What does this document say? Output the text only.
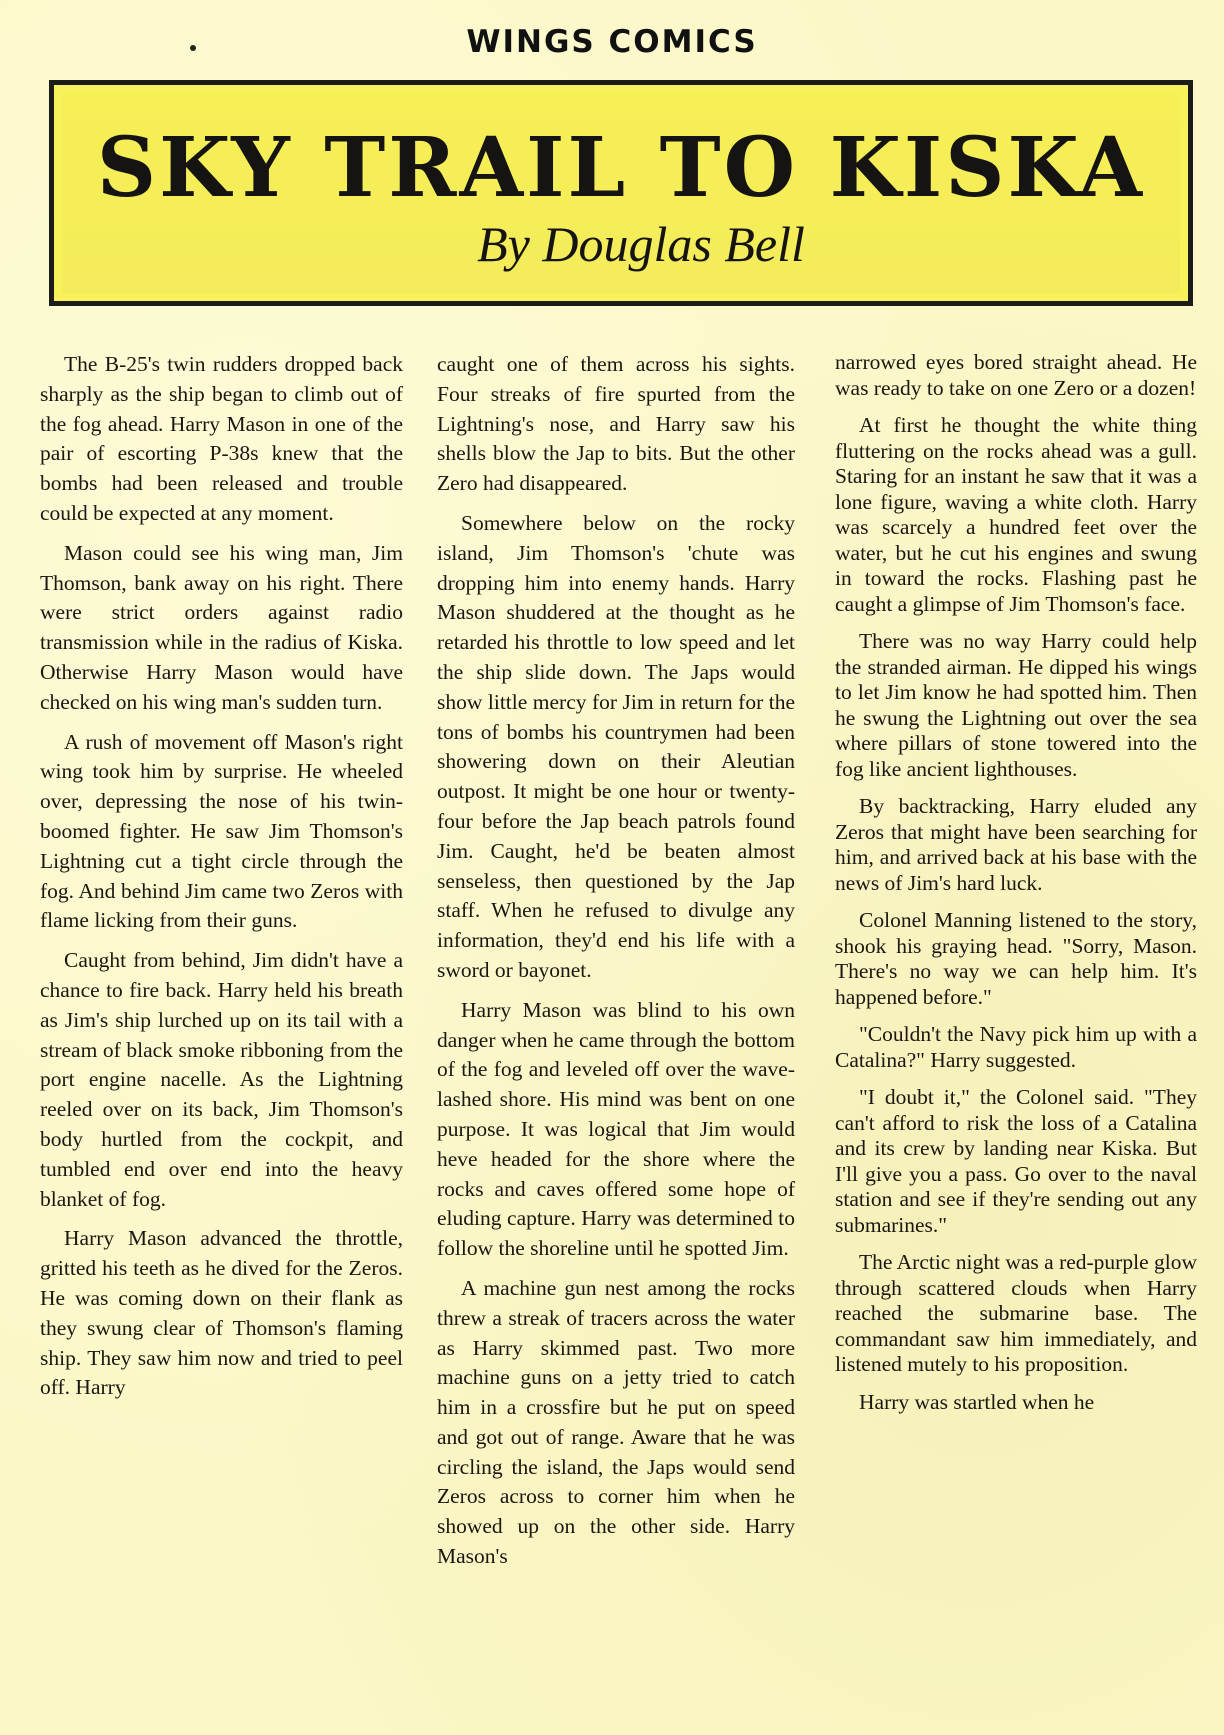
WINGS COMICS
SKY TRAIL TO KISKA
By Douglas Bell

The B-25's twin rudders dropped back sharply as the ship began to climb out of the fog ahead. Harry Mason in one of the pair of escorting P-38s knew that the bombs had been released and trouble could be expected at any moment.

Mason could see his wing man, Jim Thomson, bank away on his right. There were strict orders against radio transmission while in the radius of Kiska. Otherwise Harry Mason would have checked on his wing man's sudden turn.

A rush of movement off Mason's right wing took him by surprise. He wheeled over, depressing the nose of his twin-boomed fighter. He saw Jim Thomson's Lightning cut a tight circle through the fog. And behind Jim came two Zeros with flame licking from their guns.

Caught from behind, Jim didn't have a chance to fire back. Harry held his breath as Jim's ship lurched up on its tail with a stream of black smoke ribboning from the port engine nacelle. As the Lightning reeled over on its back, Jim Thomson's body hurtled from the cockpit, and tumbled end over end into the heavy blanket of fog.

Harry Mason advanced the throttle, gritted his teeth as he dived for the Zeros. He was coming down on their flank as they swung clear of Thomson's flaming ship. They saw him now and tried to peel off. Harry

caught one of them across his sights. Four streaks of fire spurted from the Lightning's nose, and Harry saw his shells blow the Jap to bits. But the other Zero had disappeared.

Somewhere below on the rocky island, Jim Thomson's 'chute was dropping him into enemy hands. Harry Mason shuddered at the thought as he retarded his throttle to low speed and let the ship slide down. The Japs would show little mercy for Jim in return for the tons of bombs his countrymen had been showering down on their Aleutian outpost. It might be one hour or twenty-four before the Jap beach patrols found Jim. Caught, he'd be beaten almost senseless, then questioned by the Jap staff. When he refused to divulge any information, they'd end his life with a sword or bayonet.

Harry Mason was blind to his own danger when he came through the bottom of the fog and leveled off over the wave-lashed shore. His mind was bent on one purpose. It was logical that Jim would heve headed for the shore where the rocks and caves offered some hope of eluding capture. Harry was determined to follow the shoreline until he spotted Jim.

A machine gun nest among the rocks threw a streak of tracers across the water as Harry skimmed past. Two more machine guns on a jetty tried to catch him in a crossfire but he put on speed and got out of range. Aware that he was circling the island, the Japs would send Zeros across to corner him when he showed up on the other side. Harry Mason's

narrowed eyes bored straight ahead. He was ready to take on one Zero or a dozen!

At first he thought the white thing fluttering on the rocks ahead was a gull. Staring for an instant he saw that it was a lone figure, waving a white cloth. Harry was scarcely a hundred feet over the water, but he cut his engines and swung in toward the rocks. Flashing past he caught a glimpse of Jim Thomson's face.

There was no way Harry could help the stranded airman. He dipped his wings to let Jim know he had spotted him. Then he swung the Lightning out over the sea where pillars of stone towered into the fog like ancient lighthouses.

By backtracking, Harry eluded any Zeros that might have been searching for him, and arrived back at his base with the news of Jim's hard luck.

Colonel Manning listened to the story, shook his graying head. "Sorry, Mason. There's no way we can help him. It's happened before."

"Couldn't the Navy pick him up with a Catalina?" Harry suggested.

"I doubt it," the Colonel said. "They can't afford to risk the loss of a Catalina and its crew by landing near Kiska. But I'll give you a pass. Go over to the naval station and see if they're sending out any submarines."

The Arctic night was a red-purple glow through scattered clouds when Harry reached the submarine base. The commandant saw him immediately, and listened mutely to his proposition.

Harry was startled when he
